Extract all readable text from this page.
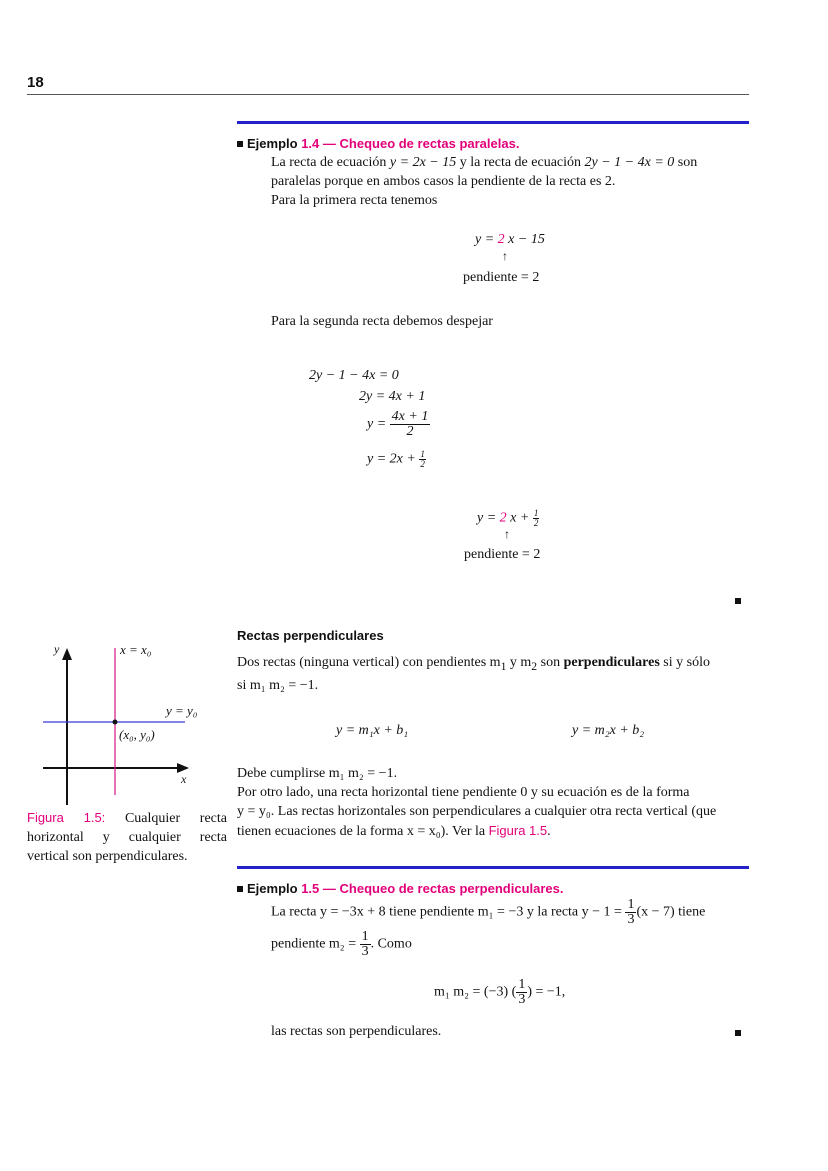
18
Ejemplo 1.4 — Chequeo de rectas paralelas.
La recta de ecuación y = 2x − 15 y la recta de ecuación 2y − 1 − 4x = 0 son
paralelas porque en ambos casos la pendiente de la recta es 2.
Para la primera recta tenemos
y = 2 x − 15
↑
pendiente = 2
Para la segunda recta debemos despejar
2y − 1 − 4x = 0
2y = 4x + 1
$y = \frac{4x + 1}{2}$
$y = 2x + \frac{1}{2}$
y = 2 $x + \frac{1}{2}$
↑
pendiente = 2
Rectas perpendiculares
Dos rectas (ninguna vertical) con pendientes $m_1$ y $m_2$ son perpendiculares si y sólo
si m₁ m₂ = −1.
y = m₁x + b₁	y = m₂x + b₂
Debe cumplirse m₁ m₂ = −1.
Por otro lado, una recta horizontal tiene pendiente 0 y su ecuación es de la forma
y = y₀. Las rectas horizontales son perpendiculares a cualquier otra recta vertical (que
tienen ecuaciones de la forma x = x₀). Ver la Figura 1.5.
y
x
x = x₀
y = y₀
(x₀, y₀)
Figura 1.5: Cualquier recta
horizontal y cualquier recta
vertical son perpendiculares.
Ejemplo 1.5 — Chequeo de rectas perpendiculares.
La recta y = −3x + 8 tiene pendiente m₁ = −3 y la recta $y - 1 = \frac{1}{3} (x - 7)$ tiene
pendiente $m_2 = \frac{1}{3}$ . Como
m₁ m₂ = (−3) ( $\frac{1}{3}$ ) = −1,
las rectas son perpendiculares.
